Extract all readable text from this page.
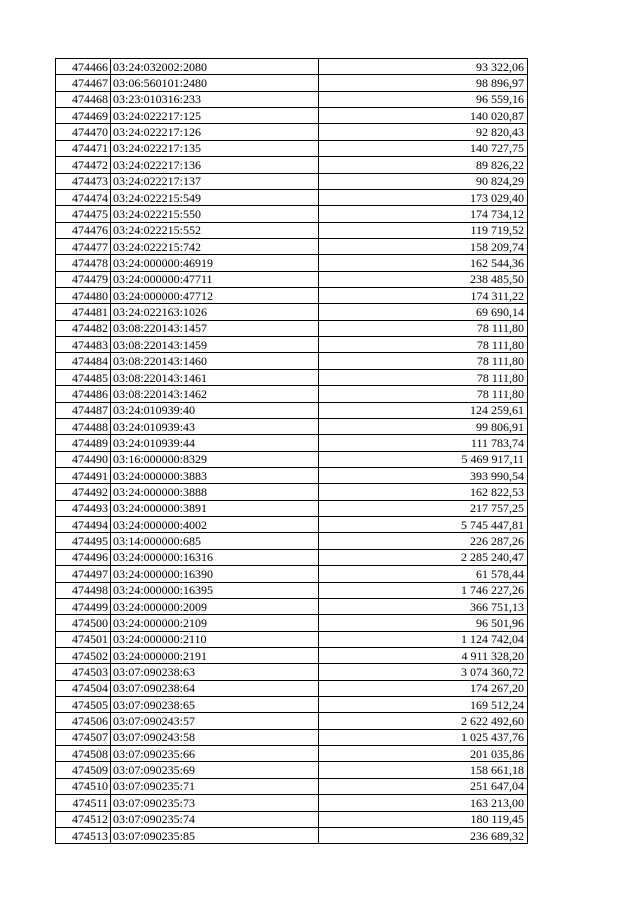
474466	03:24:032002:2080	93 322,06
474467	03:06:560101:2480	98 896,97
474468	03:23:010316:233	96 559,16
474469	03:24:022217:125	140 020,87
474470	03:24:022217:126	92 820,43
474471	03:24:022217:135	140 727,75
474472	03:24:022217:136	89 826,22
474473	03:24:022217:137	90 824,29
474474	03:24:022215:549	173 029,40
474475	03:24:022215:550	174 734,12
474476	03:24:022215:552	119 719,52
474477	03:24:022215:742	158 209,74
474478	03:24:000000:46919	162 544,36
474479	03:24:000000:47711	238 485,50
474480	03:24:000000:47712	174 311,22
474481	03:24:022163:1026	69 690,14
474482	03:08:220143:1457	78 111,80
474483	03:08:220143:1459	78 111,80
474484	03:08:220143:1460	78 111,80
474485	03:08:220143:1461	78 111,80
474486	03:08:220143:1462	78 111,80
474487	03:24:010939:40	124 259,61
474488	03:24:010939:43	99 806,91
474489	03:24:010939:44	111 783,74
474490	03:16:000000:8329	5 469 917,11
474491	03:24:000000:3883	393 990,54
474492	03:24:000000:3888	162 822,53
474493	03:24:000000:3891	217 757,25
474494	03:24:000000:4002	5 745 447,81
474495	03:14:000000:685	226 287,26
474496	03:24:000000:16316	2 285 240,47
474497	03:24:000000:16390	61 578,44
474498	03:24:000000:16395	1 746 227,26
474499	03:24:000000:2009	366 751,13
474500	03:24:000000:2109	96 501,96
474501	03:24:000000:2110	1 124 742,04
474502	03:24:000000:2191	4 911 328,20
474503	03:07:090238:63	3 074 360,72
474504	03:07:090238:64	174 267,20
474505	03:07:090238:65	169 512,24
474506	03:07:090243:57	2 622 492,60
474507	03:07:090243:58	1 025 437,76
474508	03:07:090235:66	201 035,86
474509	03:07:090235:69	158 661,18
474510	03:07:090235:71	251 647,04
474511	03:07:090235:73	163 213,00
474512	03:07:090235:74	180 119,45
474513	03:07:090235:85	236 689,32
